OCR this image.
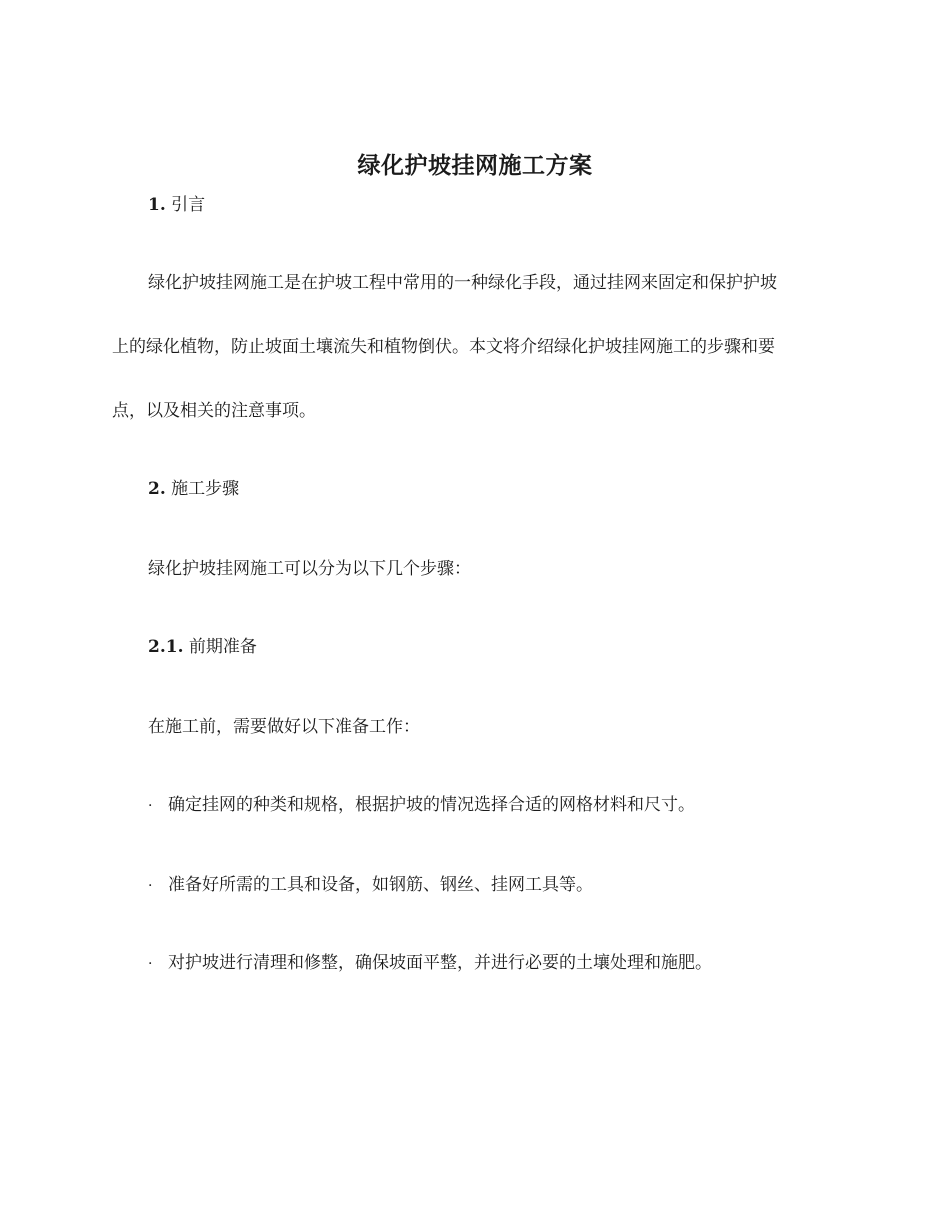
绿化护坡挂网施工方案
1. 引言
绿化护坡挂网施工是在护坡工程中常用的一种绿化手段，通过挂网来固定和保护护坡
上的绿化植物，防止坡面土壤流失和植物倒伏。本文将介绍绿化护坡挂网施工的步骤和要
点，以及相关的注意事项。
2. 施工步骤
绿化护坡挂网施工可以分为以下几个步骤：
2.1. 前期准备
在施工前，需要做好以下准备工作：
· 确定挂网的种类和规格，根据护坡的情况选择合适的网格材料和尺寸。
· 准备好所需的工具和设备，如钢筋、钢丝、挂网工具等。
· 对护坡进行清理和修整，确保坡面平整，并进行必要的土壤处理和施肥。
